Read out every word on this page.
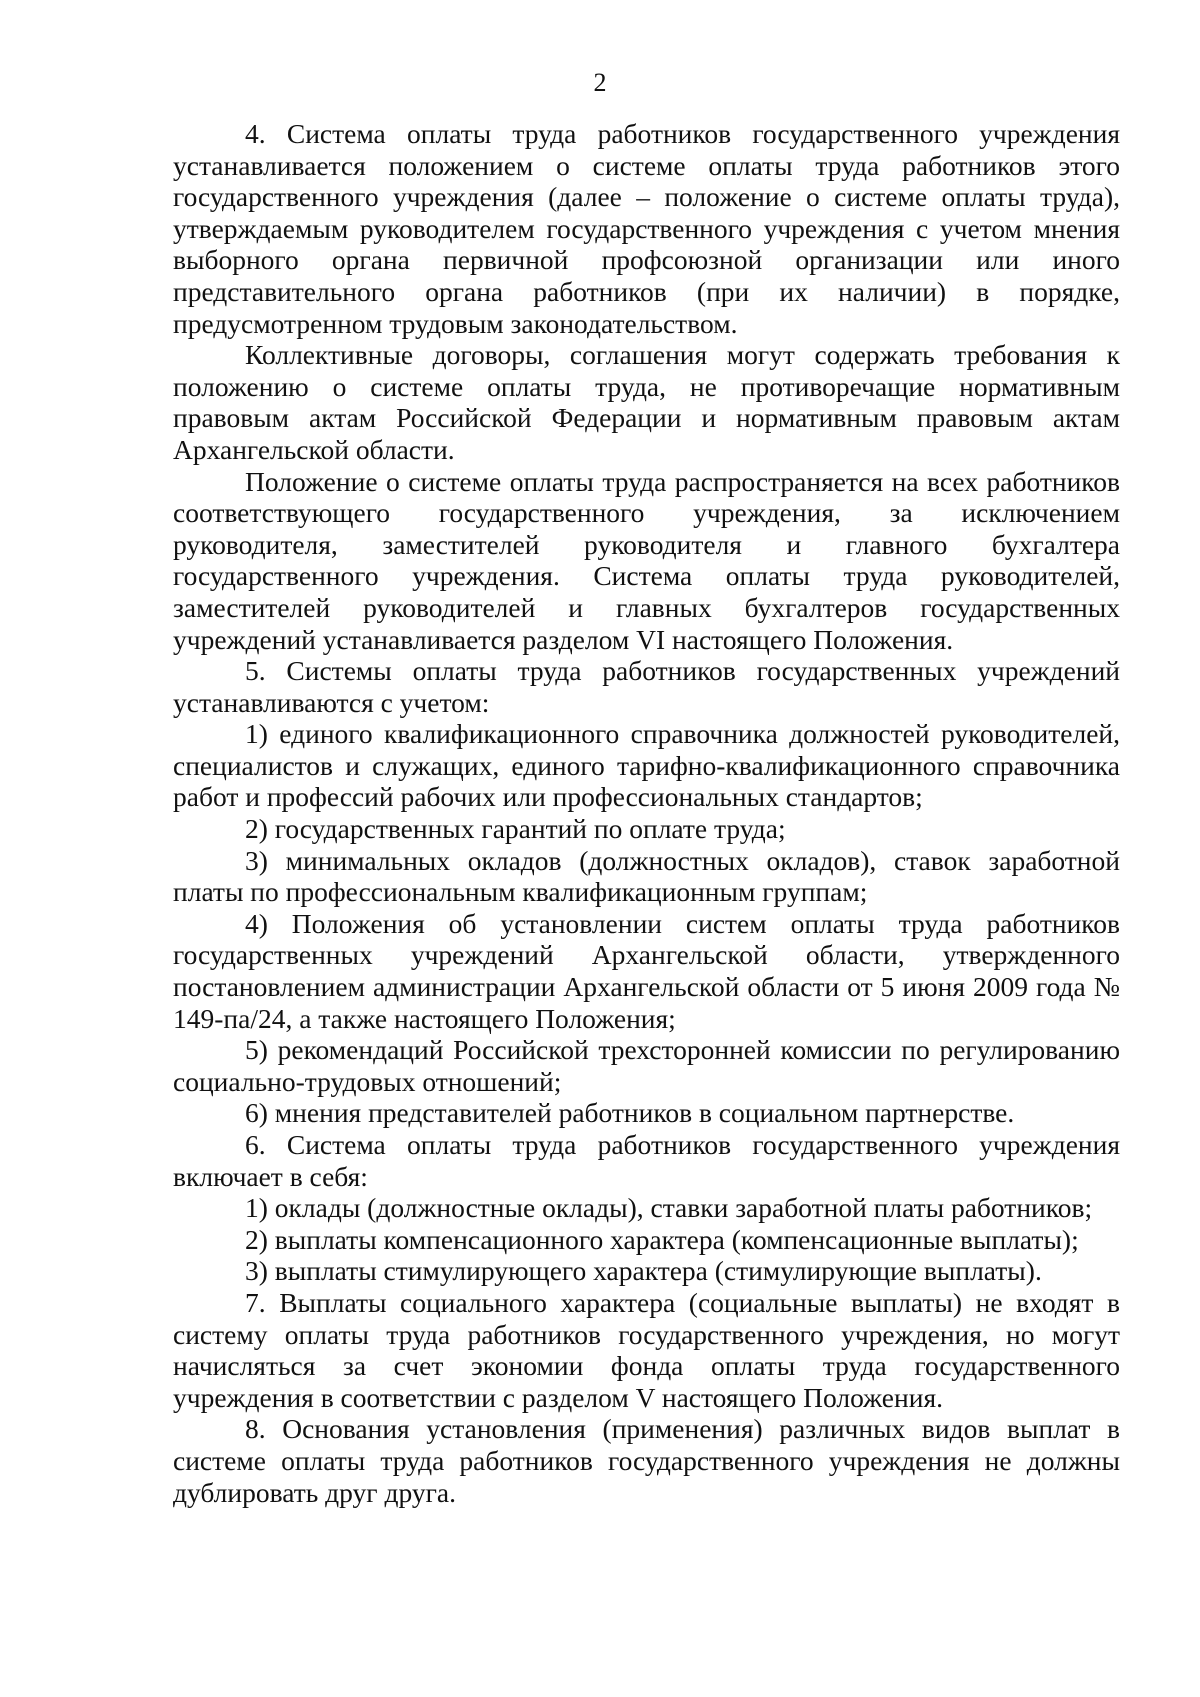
2

4. Система оплаты труда работников государственного учреждения устанавливается положением о системе оплаты труда работников этого государственного учреждения (далее – положение о системе оплаты труда), утверждаемым руководителем государственного учреждения с учетом мнения выборного органа первичной профсоюзной организации или иного представительного органа работников (при их наличии) в порядке, предусмотренном трудовым законодательством.

Коллективные договоры, соглашения могут содержать требования к положению о системе оплаты труда, не противоречащие нормативным правовым актам Российской Федерации и нормативным правовым актам Архангельской области.

Положение о системе оплаты труда распространяется на всех работников соответствующего государственного учреждения, за исключением руководителя, заместителей руководителя и главного бухгалтера государственного учреждения. Система оплаты труда руководителей, заместителей руководителей и главных бухгалтеров государственных учреждений устанавливается разделом VI настоящего Положения.

5. Системы оплаты труда работников государственных учреждений устанавливаются с учетом:

1) единого квалификационного справочника должностей руководителей, специалистов и служащих, единого тарифно-квалификационного справочника работ и профессий рабочих или профессиональных стандартов;

2) государственных гарантий по оплате труда;

3) минимальных окладов (должностных окладов), ставок заработной платы по профессиональным квалификационным группам;

4) Положения об установлении систем оплаты труда работников государственных учреждений Архангельской области, утвержденного постановлением администрации Архангельской области от 5 июня 2009 года № 149-па/24, а также настоящего Положения;

5) рекомендаций Российской трехсторонней комиссии по регулированию социально-трудовых отношений;

6) мнения представителей работников в социальном партнерстве.

6. Система оплаты труда работников государственного учреждения включает в себя:

1) оклады (должностные оклады), ставки заработной платы работников;

2) выплаты компенсационного характера (компенсационные выплаты);

3) выплаты стимулирующего характера (стимулирующие выплаты).

7. Выплаты социального характера (социальные выплаты) не входят в систему оплаты труда работников государственного учреждения, но могут начисляться за счет экономии фонда оплаты труда государственного учреждения в соответствии с разделом V настоящего Положения.

8. Основания установления (применения) различных видов выплат в системе оплаты труда работников государственного учреждения не должны дублировать друг друга.
